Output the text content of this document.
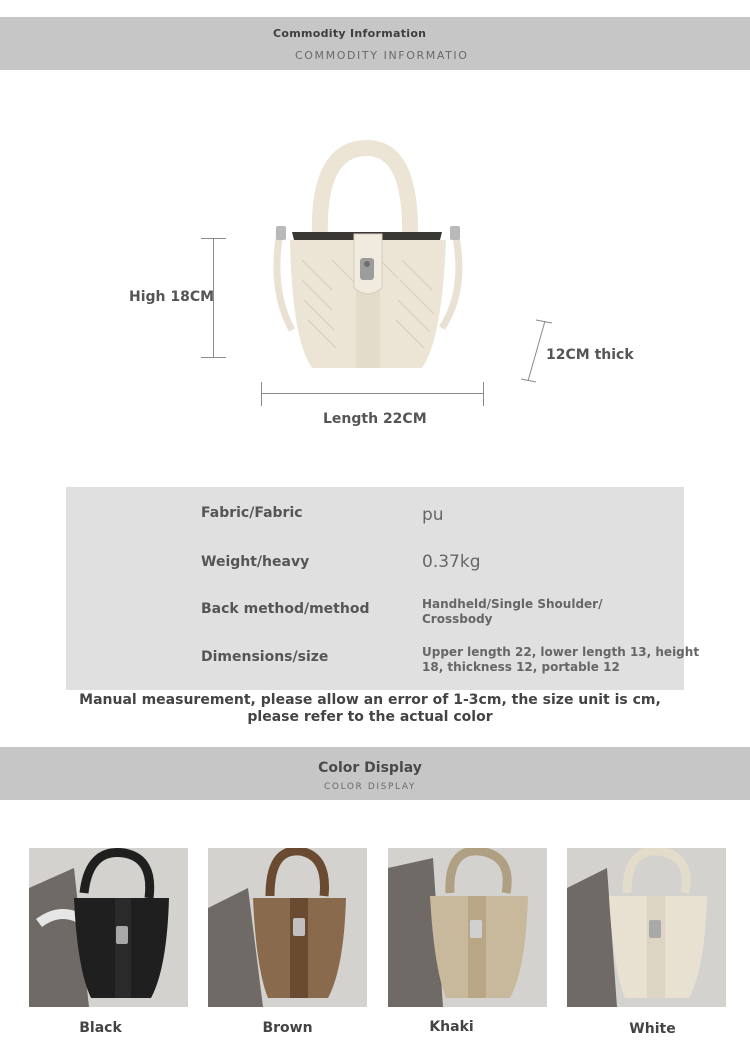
Commodity Information
COMMODITY INFORMATIO
High 18CM
Length 22CM
12CM thick
Fabric/Fabric	pu
Weight/heavy	0.37kg
Back method/method	Handheld/Single Shoulder/ Crossbody
Dimensions/size	Upper length 22, lower length 13, height 18, thickness 12, portable 12
Manual measurement, please allow an error of 1-3cm, the size unit is cm, please refer to the actual color
Color Display
COLOR DISPLAY
Black	Brown	Khaki	White
